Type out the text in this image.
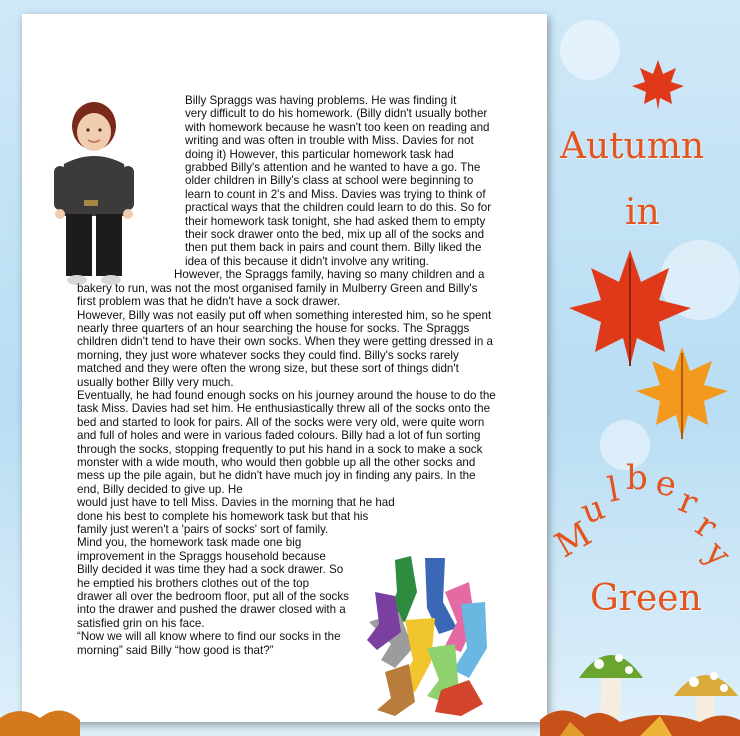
Billy Spraggs was having problems. He was finding it

very difficult to do his homework. (Billy didn't usually bother with homework because he wasn't too keen on reading and writing and was often in trouble with Miss. Davies for not doing it) However, this particular homework task had grabbed Billy's attention and he wanted to have a go. The older children in Billy's class at school were beginning to learn to count in 2's and Miss. Davies was trying to think of practical ways that the children could learn to do this. So for their homework task tonight, she had asked them to empty their sock drawer onto the bed, mix up all of the socks and then put them back in pairs and count them. Billy liked the idea of this because it didn't involve any writing.

However, the Spraggs family, having so many children and a bakery to run, was not the most organised family in Mulberry Green and Billy's first problem was that he didn't have a sock drawer.

However, Billy was not easily put off when something interested him, so he spent nearly three quarters of an hour searching the house for socks. The Spraggs children didn't tend to have their own socks. When they were getting dressed in a morning, they just wore whatever socks they could find. Billy's socks rarely matched and they were often the wrong size, but these sort of things didn't usually bother Billy very much.

Eventually, he had found enough socks on his journey around the house to do the task Miss. Davies had set him. He enthusiastically threw all of the socks onto the bed and started to look for pairs. All of the socks were very old, were quite worn and full of holes and were in various faded colours. Billy had a lot of fun sorting through the socks, stopping frequently to put his hand in a sock to make a sock monster with a wide mouth, who would then gobble up all the other socks and mess up the pile again, but he didn't have much joy in finding any pairs. In the end, Billy decided to give up. He

would just have to tell Miss. Davies in the morning that he had

done his best to complete his homework task but that his

family just weren't a 'pairs of socks' sort of family.

Mind you, the homework task made one big

improvement in the Spraggs household because

Billy decided it was time they had a sock drawer. So

he emptied his brothers clothes out of the top

drawer all over the bedroom floor, put all of the socks

into the drawer and pushed the drawer closed with a

satisfied grin on his face.

“Now we will all know where to find our socks in the

morning” said Billy “how good is that?”

Autumn
in
M
u
l b e
r
r
y
Green
